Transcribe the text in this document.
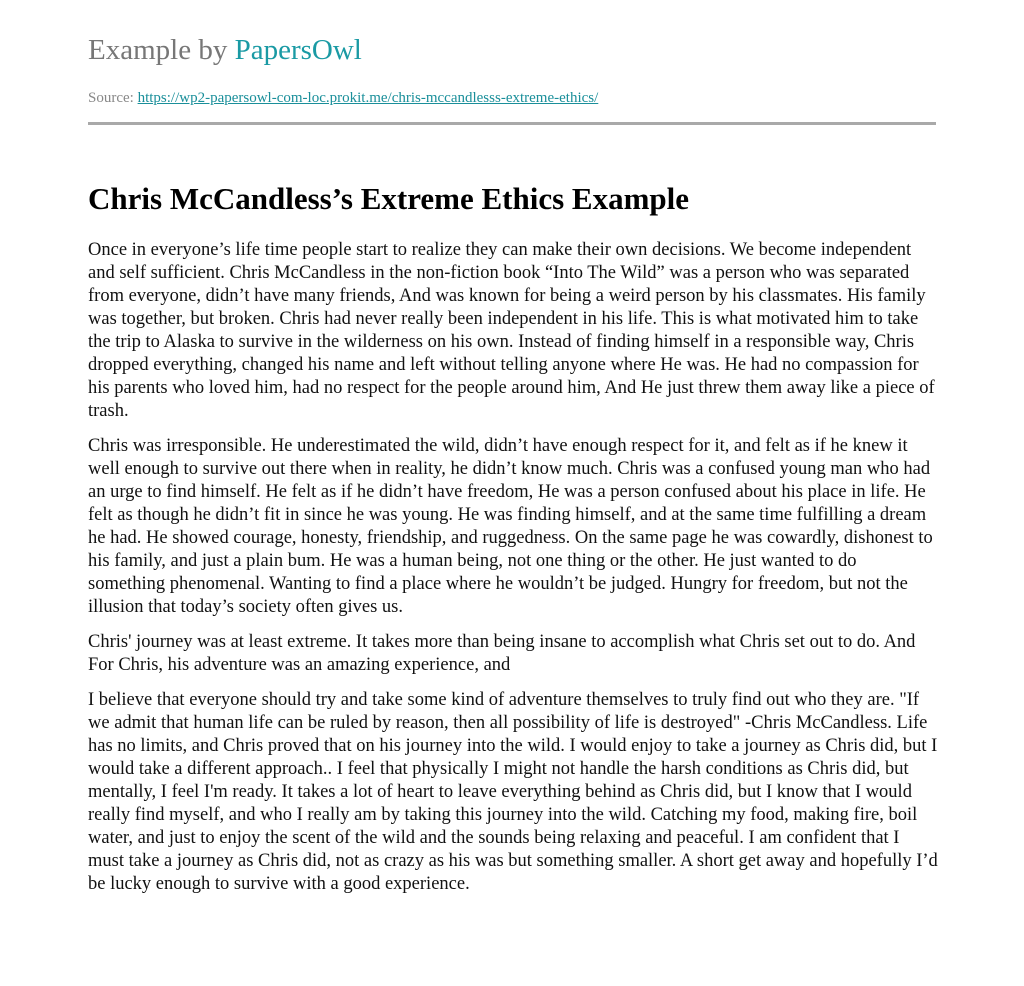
Example by PapersOwl
Source: https://wp2-papersowl-com-loc.prokit.me/chris-mccandlesss-extreme-ethics/
Chris McCandless’s Extreme Ethics Example

Once in everyone’s life time people start to realize they can make their own decisions. We become independent and self sufficient. Chris McCandless in the non-fiction book “Into The Wild” was a person who was separated from everyone, didn’t have many friends, And was known for being a weird person by his classmates. His family was together, but broken. Chris had never really been independent in his life. This is what motivated him to take the trip to Alaska to survive in the wilderness on his own. Instead of finding himself in a responsible way, Chris dropped everything, changed his name and left without telling anyone where He was. He had no compassion for his parents who loved him, had no respect for the people around him, And He just threw them away like a piece of trash.

Chris was irresponsible. He underestimated the wild, didn’t have enough respect for it, and felt as if he knew it well enough to survive out there when in reality, he didn’t know much. Chris was a confused young man who had an urge to find himself. He felt as if he didn’t have freedom, He was a person confused about his place in life. He felt as though he didn’t fit in since he was young. He was finding himself, and at the same time fulfilling a dream he had. He showed courage, honesty, friendship, and ruggedness. On the same page he was cowardly, dishonest to his family, and just a plain bum. He was a human being, not one thing or the other. He just wanted to do something phenomenal. Wanting to find a place where he wouldn’t be judged. Hungry for freedom, but not the illusion that today’s society often gives us.

Chris' journey was at least extreme. It takes more than being insane to accomplish what Chris set out to do. And For Chris, his adventure was an amazing experience, and

I believe that everyone should try and take some kind of adventure themselves to truly find out who they are. "If we admit that human life can be ruled by reason, then all possibility of life is destroyed" -Chris McCandless. Life has no limits, and Chris proved that on his journey into the wild. I would enjoy to take a journey as Chris did, but I would take a different approach.. I feel that physically I might not handle the harsh conditions as Chris did, but mentally, I feel I'm ready. It takes a lot of heart to leave everything behind as Chris did, but I know that I would really find myself, and who I really am by taking this journey into the wild. Catching my food, making fire, boil water, and just to enjoy the scent of the wild and the sounds being relaxing and peaceful. I am confident that I must take a journey as Chris did, not as crazy as his was but something smaller. A short get away and hopefully I’d be lucky enough to survive with a good experience.
